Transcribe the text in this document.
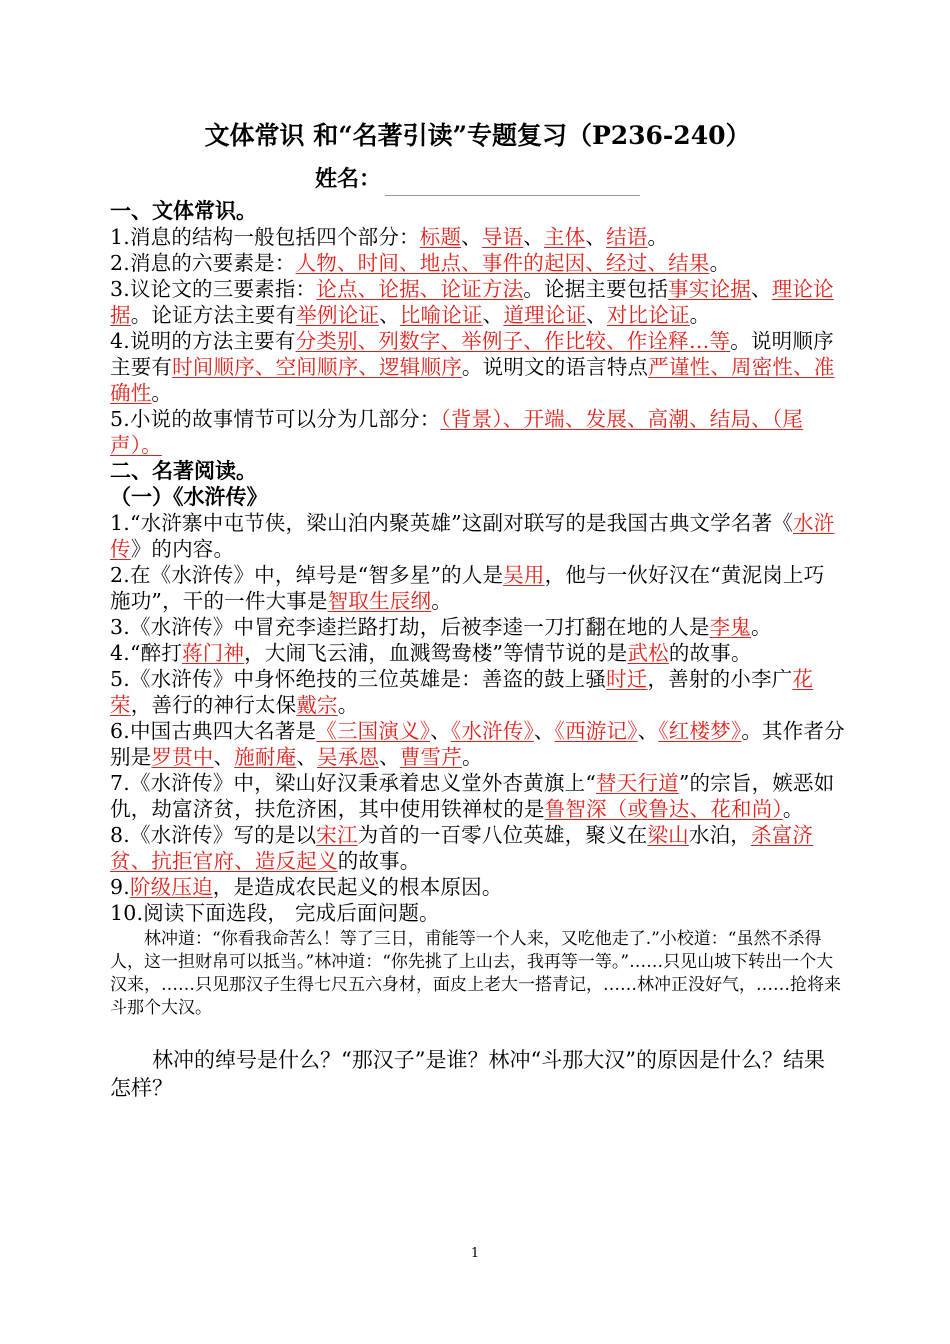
文体常识 和“名著引读”专题复习（P236-240）
姓名：
一、文体常识。
1.消息的结构一般包括四个部分：标题、导语、主体、结语。
2.消息的六要素是：人物、时间、地点、事件的起因、经过、结果。
3.议论文的三要素指：论点、论据、论证方法。论据主要包括事实论据、理论论据。论证方法主要有举例论证、比喻论证、道理论证、对比论证。
4.说明的方法主要有分类别、列数字、举例子、作比较、作诠释…等。说明顺序主要有时间顺序、空间顺序、逻辑顺序。说明文的语言特点严谨性、周密性、准确性。
5.小说的故事情节可以分为几部分：（背景）、开端、发展、高潮、结局、（尾声）。
二、名著阅读。
（一）《水浒传》
1.“水浒寨中屯节侠，梁山泊内聚英雄”这副对联写的是我国古典文学名著《水浒传》的内容。
2.在《水浒传》中，绰号是“智多星”的人是吴用，他与一伙好汉在“黄泥岗上巧施功”，干的一件大事是智取生辰纲。
3.《水浒传》中冒充李逵拦路打劫，后被李逵一刀打翻在地的人是李鬼。
4.“醉打蒋门神，大闹飞云浦，血溅鸳鸯楼”等情节说的是武松的故事。
5.《水浒传》中身怀绝技的三位英雄是：善盗的鼓上骚时迁，善射的小李广花荣，善行的神行太保戴宗。
6.中国古典四大名著是《三国演义》、《水浒传》、《西游记》、《红楼梦》。其作者分别是罗贯中、施耐庵、吴承恩、曹雪芹。
7.《水浒传》中，梁山好汉秉承着忠义堂外杏黄旗上“替天行道”的宗旨，嫉恶如仇，劫富济贫，扶危济困，其中使用铁禅杖的是鲁智深（或鲁达、花和尚）。
8.《水浒传》写的是以宋江为首的一百零八位英雄，聚义在梁山水泊，杀富济贫、抗拒官府、造反起义的故事。
9.阶级压迫，是造成农民起义的根本原因。
10.阅读下面选段， 完成后面问题。
林冲道：“你看我命苦么！等了三日，甫能等一个人来，又吃他走了.”小校道：“虽然不杀得人，这一担财帛可以抵当。”林冲道：“你先挑了上山去，我再等一等。”……只见山坡下转出一个大汉来，……只见那汉子生得七尺五六身材，面皮上老大一搭青记，……林冲正没好气，……抢将来斗那个大汉。
林冲的绰号是什么？“那汉子”是谁？林冲“斗那大汉”的原因是什么？结果怎样？
1
